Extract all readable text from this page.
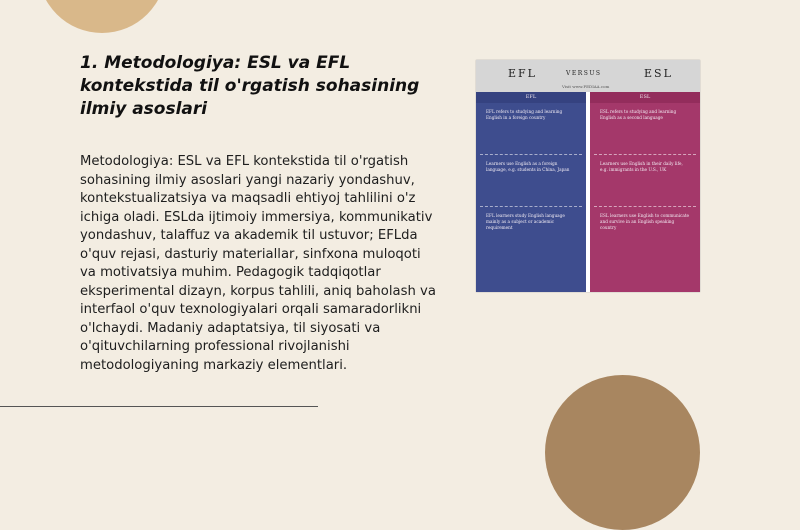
1. Metodologiya: ESL va EFL kontekstida til o'rgatish sohasining ilmiy asoslari

Metodologiya: ESL va EFL kontekstida til o'rgatish sohasining ilmiy asoslari yangi nazariy yondashuv, kontekstualizatsiya va maqsadli ehtiyoj tahlilini o'z ichiga oladi. ESLda ijtimoiy immersiya, kommunikativ yondashuv, talaffuz va akademik til ustuvor; EFLda o'quv rejasi, dasturiy materiallar, sinfxona muloqoti va motivatsiya muhim. Pedagogik tadqiqotlar eksperimental dizayn, korpus tahlili, aniq baholash va interfaol o'quv texnologiyalari orqali samaradorlikni o'lchaydi. Madaniy adaptatsiya, til siyosati va o'qituvchilarning professional rivojlanishi metodologiyaning markaziy elementlari.

EFL	VERSUS	ESL
Visit www.PEDIAA.com
EFL
EFL refers to studying and learning English in a foreign country
Learners use English as a foreign language, e.g. students in China, Japan
EFL learners study English language mainly as a subject or academic requirement
ESL
ESL refers to studying and learning English as a second language
Learners use English in their daily life, e.g. immigrants in the U.S., UK
ESL learners use English to communicate and survive in an English speaking country
